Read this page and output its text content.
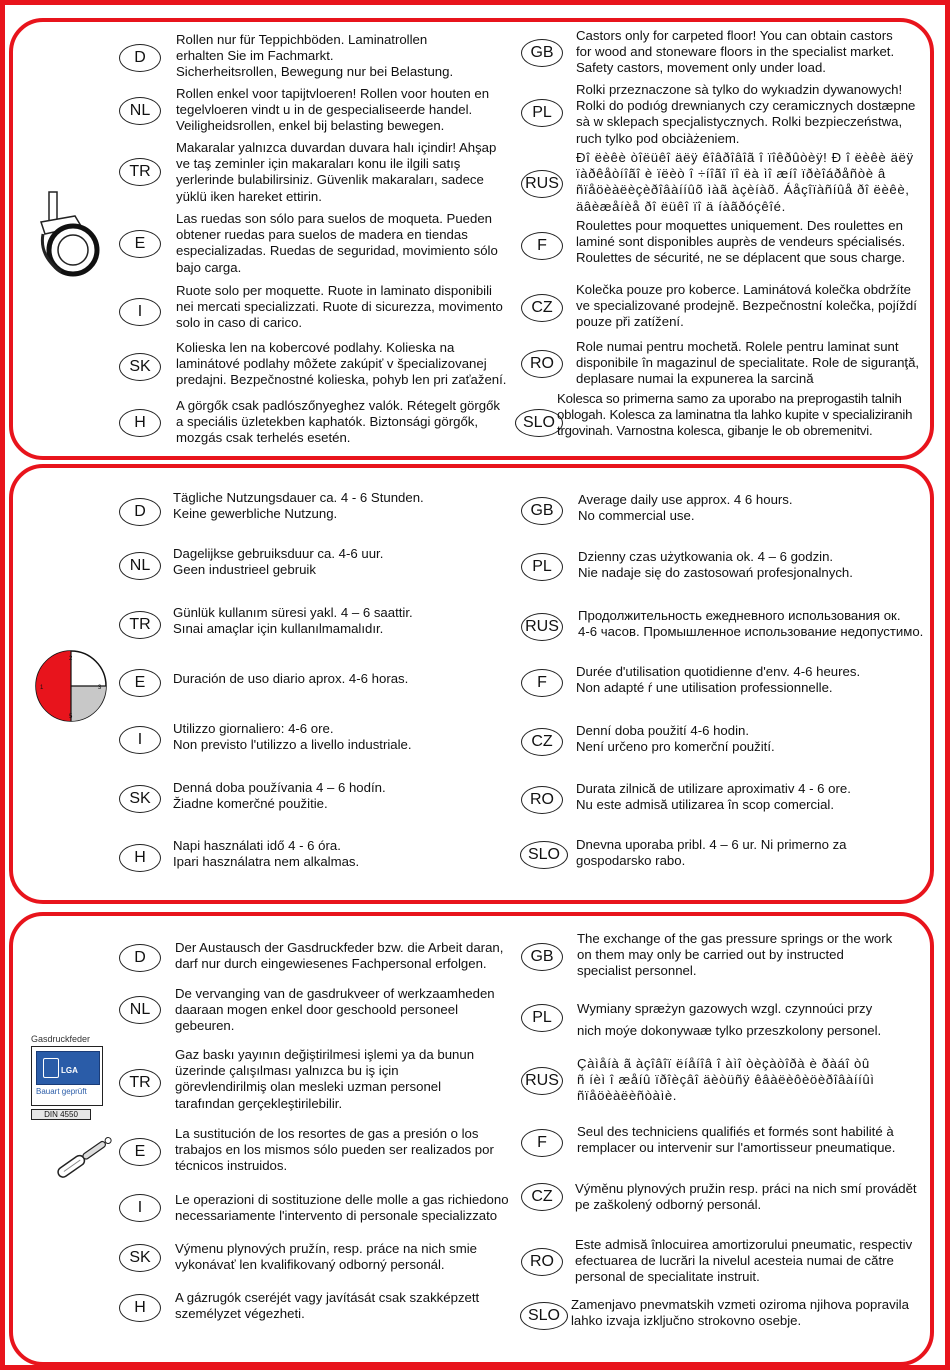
D
Rollen nur für Teppichböden. Laminatrollen
erhalten Sie im Fachmarkt.
Sicherheitsrollen, Bewegung nur bei Belastung.
NL
Rollen enkel voor tapijtvloeren! Rollen voor houten en
tegelvloeren vindt u in de gespecialiseerde handel.
Veiligheidsrollen, enkel bij belasting bewegen.
TR
Makaralar yalnızca duvardan duvara halı içindir! Ahşap
ve taş zeminler için makaraları konu ile ilgili satış
yerlerinde bulabilirsiniz. Güvenlik makaraları, sadece
yüklü iken hareket ettirin.
E
Las ruedas son sólo para suelos de moqueta. Pueden
obtener ruedas para suelos de madera en tiendas
especializadas. Ruedas de seguridad, movimiento sólo
bajo carga.
I
Ruote solo per moquette. Ruote in laminato disponibili
nei mercati specializzati. Ruote di sicurezza, movimento
solo in caso di carico.
SK
Kolieska len na kobercové podlahy. Kolieska na
laminátové podlahy môžete zakúpiť v špecializovanej
predajni. Bezpečnostné kolieska, pohyb len pri zaťažení.
H
A görgők csak padlószőnyeghez valók. Rétegelt görgők
a speciális üzletekben kaphatók. Biztonsági görgők,
mozgás csak terhelés esetén.
GB
Castors only for carpeted floor! You can obtain castors
for wood and stoneware floors in the specialist market.
Safety castors, movement only under load.
PL
Rolki przeznaczone sà tylko do wykıadzin dywanowych!
Rolki do podıóg drewnianych czy ceramicznych dostæpne
sà w sklepach specjalistycznych. Rolki bezpieczeństwa,
ruch tylko pod obciàżeniem.
RUS
Ðî ëèêè òîëüêî äëÿ êîâðîâîã î ïîêðûòèÿ! Ð î ëèêè äëÿ
ïàðêåòíîãî è ïëèò î ÷íîãî ïî ëà ìî æíî ïðèîáðåñòè â
ñïåöèàëèçèðîâàííûõ ìàã àçèíàõ. Áåçîïàñíûå ðî ëèêè,
äâèæåíèå ðî ëüêî ïî ä íàãðóçêîé.
F
Roulettes pour moquettes uniquement. Des roulettes en
laminé sont disponibles auprès de vendeurs spécialisés.
Roulettes de sécurité, ne se déplacent que sous charge.
CZ
Kolečka pouze pro koberce. Laminátová kolečka obdržíte
ve specializované prodejně. Bezpečnostní kolečka, pojíždí
pouze při zatížení.
RO
Role numai pentru mochetă. Rolele pentru laminat sunt
disponibile în magazinul de specialitate. Role de siguranţă,
deplasare numai la expunerea la sarcină
SLO
Kolesca so primerna samo za uporabo na preprogastih talnih
oblogah. Kolesca za laminatna tla lahko kupite v specializiranih
trgovinah. Varnostna kolesca, gibanje le ob obremenitvi.
2
3
5
1
D
Tägliche Nutzungsdauer ca. 4 - 6 Stunden.
Keine gewerbliche Nutzung.
NL
Dagelijkse gebruiksduur ca. 4-6 uur.
Geen industrieel gebruik
TR
Günlük kullanım süresi yakl. 4 – 6 saattir.
Sınai amaçlar için kullanılmamalıdır.
E	Duración de uso diario aprox. 4-6 horas.
I
Utilizzo giornaliero: 4-6 ore.
Non previsto l'utilizzo a livello industriale.
SK
Denná doba používania 4 – 6 hodín.
Žiadne komerčné použitie.
H
Napi használati idő 4 - 6 óra.
Ipari használatra nem alkalmas.
GB
Average daily use approx. 4 6 hours.
No commercial use.
PL
Dzienny czas użytkowania ok. 4 – 6 godzin.
Nie nadaje się do zastosowań profesjonalnych.
RUS
Продолжительность ежедневного использования ок.
4-6 часов. Промышленное использование недопустимо.
F
Durée d'utilisation quotidienne d'env. 4-6 heures.
Non adapté ŕ une utilisation professionnelle.
CZ
Denní doba použití 4-6 hodin.
Není určeno pro komerční použití.
RO
Durata zilnică de utilizare aproximativ 4 - 6 ore.
Nu este admisă utilizarea în scop comercial.
SLO
Dnevna uporaba pribl. 4 – 6 ur. Ni primerno za
gospodarsko rabo.
Gasdruckfeder
LGA
Bauart geprüft
DIN 4550
D
Der Austausch der Gasdruckfeder bzw. die Arbeit daran,
darf nur durch eingewiesenes Fachpersonal erfolgen.
NL
De vervanging van de gasdrukveer of werkzaamheden
daaraan mogen enkel door geschoold personeel
gebeuren.
TR
Gaz baskı yayının değiştirilmesi işlemi ya da bunun
üzerinde çalışılması yalnızca bu iş için
görevlendirilmiş olan mesleki uzman personel
tarafından gerçekleştirilebilir.
E
La sustitución de los resortes de gas a presión o los
trabajos en los mismos sólo pueden ser realizados por
técnicos instruidos.
I	Le operazioni di sostituzione delle molle a gas richiedono
necessariamente l'intervento di personale specializzato
SK
Výmenu plynových pružín, resp. práce na nich smie
vykonávať len kvalifikovaný odborný personál.
H
A gázrugók cseréjét vagy javítását csak szakképzett
személyzet végezheti.
GB
The exchange of the gas pressure springs or the work
on them may only be carried out by instructed
specialist personnel.
PL
Wymiany spræżyn gazowych wzgl. czynnoúci przy
nich moýe dokonywaæ tylko przeszkolony personel.
RUS
Çàìåíà ã àçîâîï ëíåíîâ î àìî òèçàòîðà è ðàáî òû
ñ íèì î æåíû ïðîèçâî äèòüñÿ êâàëèôèöèðîâàííûì
ñïåöèàëèñòàìè.
F
Seul des techniciens qualifiés et formés sont habilité à
remplacer ou intervenir sur l'amortisseur pneumatique.
CZ	Výměnu plynových pružin resp. práci na nich smí provádět
pe zaškolený odborný personál.
RO
Este admisă înlocuirea amortizorului pneumatic, respectiv
efectuarea de lucrări la nivelul acesteia numai de către
personal de specialitate instruit.
SLO
Zamenjavo pnevmatskih vzmeti oziroma njihova popravila
lahko izvaja izključno strokovno osebje.
